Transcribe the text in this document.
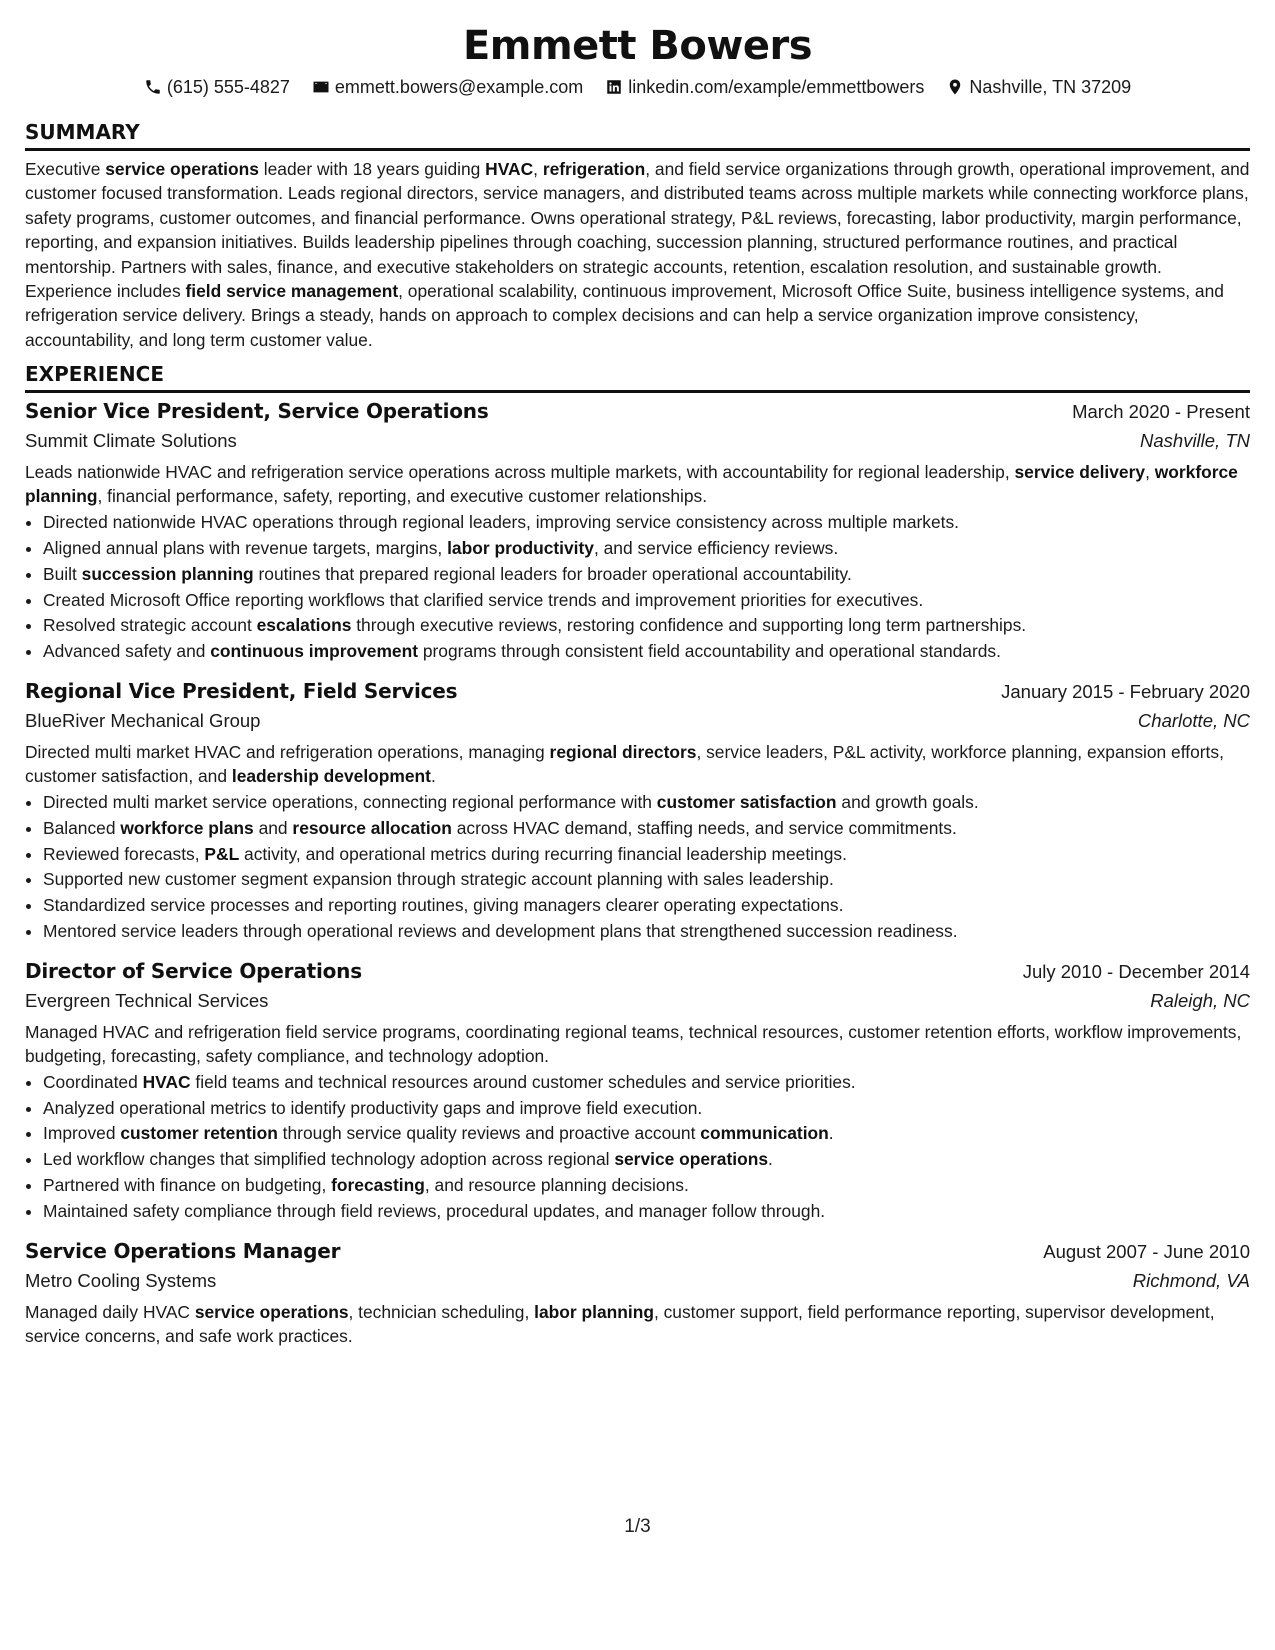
Emmett Bowers
(615) 555-4827	emmett.bowers@example.com	linkedin.com/example/emmettbowers	Nashville, TN 37209
SUMMARY

Executive service operations leader with 18 years guiding HVAC, refrigeration, and field service organizations through growth, operational improvement, and customer focused transformation. Leads regional directors, service managers, and distributed teams across multiple markets while connecting workforce plans, safety programs, customer outcomes, and financial performance. Owns operational strategy, P&L reviews, forecasting, labor productivity, margin performance, reporting, and expansion initiatives. Builds leadership pipelines through coaching, succession planning, structured performance routines, and practical mentorship. Partners with sales, finance, and executive stakeholders on strategic accounts, retention, escalation resolution, and sustainable growth. Experience includes field service management, operational scalability, continuous improvement, Microsoft Office Suite, business intelligence systems, and refrigeration service delivery. Brings a steady, hands on approach to complex decisions and can help a service organization improve consistency, accountability, and long term customer value.

EXPERIENCE
Senior Vice President, Service Operations	March 2020 - Present
Summit Climate Solutions	Nashville, TN

Leads nationwide HVAC and refrigeration service operations across multiple markets, with accountability for regional leadership, service delivery, workforce planning, financial performance, safety, reporting, and executive customer relationships.

• Directed nationwide HVAC operations through regional leaders, improving service consistency across multiple markets.
• Aligned annual plans with revenue targets, margins, labor productivity, and service efficiency reviews.
• Built succession planning routines that prepared regional leaders for broader operational accountability.
• Created Microsoft Office reporting workflows that clarified service trends and improvement priorities for executives.
• Resolved strategic account escalations through executive reviews, restoring confidence and supporting long term partnerships.
• Advanced safety and continuous improvement programs through consistent field accountability and operational standards.
Regional Vice President, Field Services	January 2015 - February 2020
BlueRiver Mechanical Group	Charlotte, NC

Directed multi market HVAC and refrigeration operations, managing regional directors, service leaders, P&L activity, workforce planning, expansion efforts, customer satisfaction, and leadership development.

• Directed multi market service operations, connecting regional performance with customer satisfaction and growth goals.
• Balanced workforce plans and resource allocation across HVAC demand, staffing needs, and service commitments.
• Reviewed forecasts, P&L activity, and operational metrics during recurring financial leadership meetings.
• Supported new customer segment expansion through strategic account planning with sales leadership.
• Standardized service processes and reporting routines, giving managers clearer operating expectations.
• Mentored service leaders through operational reviews and development plans that strengthened succession readiness.
Director of Service Operations	July 2010 - December 2014
Evergreen Technical Services	Raleigh, NC

Managed HVAC and refrigeration field service programs, coordinating regional teams, technical resources, customer retention efforts, workflow improvements, budgeting, forecasting, safety compliance, and technology adoption.

• Coordinated HVAC field teams and technical resources around customer schedules and service priorities.
• Analyzed operational metrics to identify productivity gaps and improve field execution.
• Improved customer retention through service quality reviews and proactive account communication.
• Led workflow changes that simplified technology adoption across regional service operations.
• Partnered with finance on budgeting, forecasting, and resource planning decisions.
• Maintained safety compliance through field reviews, procedural updates, and manager follow through.
Service Operations Manager	August 2007 - June 2010
Metro Cooling Systems	Richmond, VA

Managed daily HVAC service operations, technician scheduling, labor planning, customer support, field performance reporting, supervisor development, service concerns, and safe work practices.

1/3
